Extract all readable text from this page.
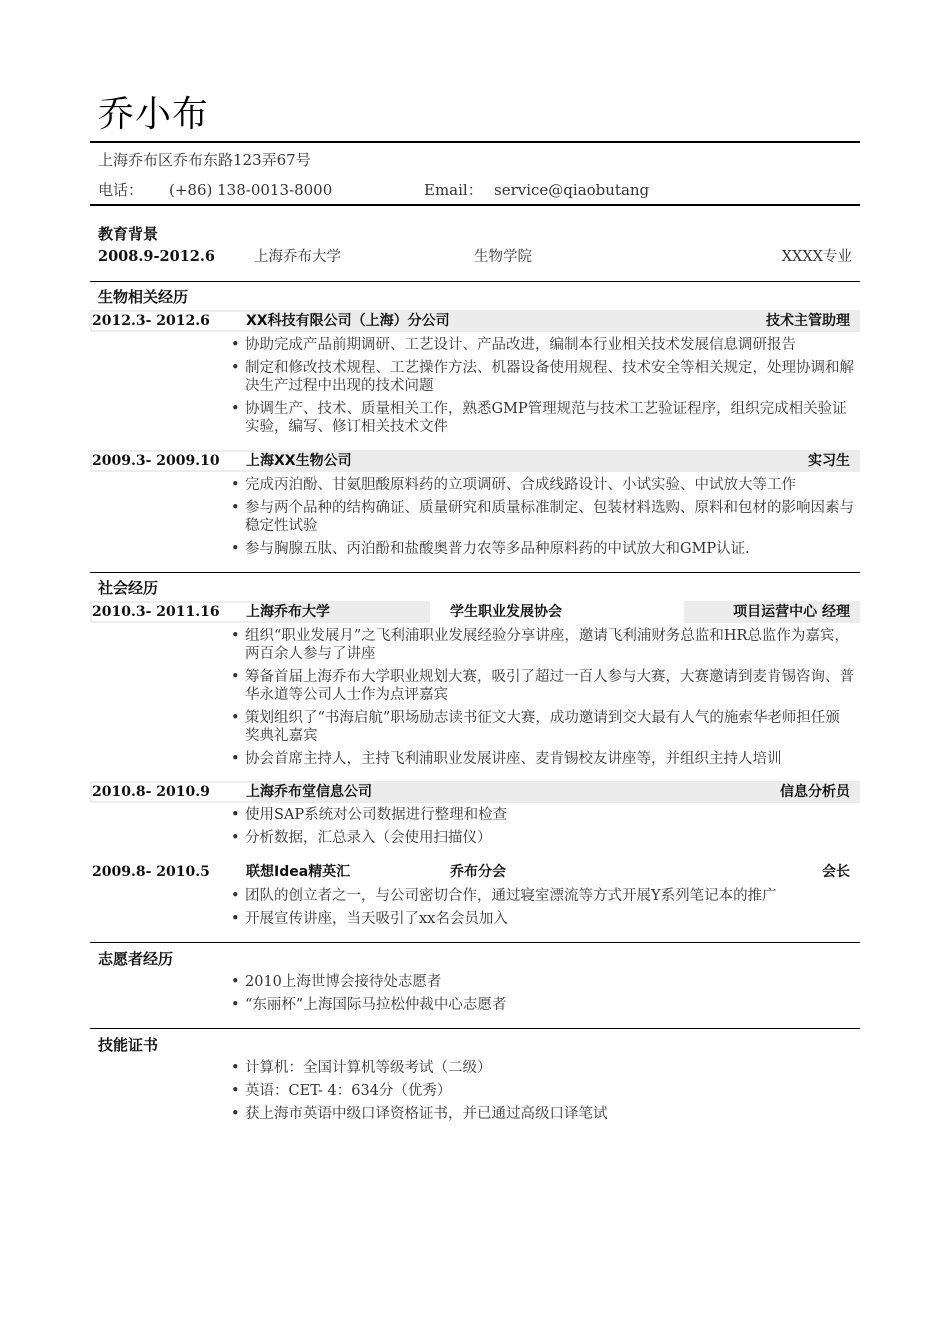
乔小布
上海乔布区乔布东路123弄67号
电话： (+86) 138-0013-8000	Email： service@qiaobutang
教育背景
2008.9-2012.6	上海乔布大学	生物学院	XXXX专业
生物相关经历
2012.3- 2012.6	XX科技有限公司（上海）分公司	技术主管助理
• 协助完成产品前期调研、工艺设计、产品改进，编制本行业相关技术发展信息调研报告
• 制定和修改技术规程、工艺操作方法、机器设备使用规程、技术安全等相关规定，处理协调和解决生产过程中出现的技术问题
• 协调生产、技术、质量相关工作，熟悉GMP管理规范与技术工艺验证程序，组织完成相关验证实验，编写、修订相关技术文件
2009.3- 2009.10	上海XX生物公司	实习生
• 完成丙泊酚、甘氨胆酸原料药的立项调研、合成线路设计、小试实验、中试放大等工作
• 参与两个品种的结构确证、质量研究和质量标准制定、包装材料选购、原料和包材的影响因素与稳定性试验
• 参与胸腺五肽、丙泊酚和盐酸奥普力农等多品种原料药的中试放大和GMP认证.
社会经历
2010.3- 2011.16	上海乔布大学	学生职业发展协会	项目运营中心 经理
• 组织“职业发展月”之飞利浦职业发展经验分享讲座，邀请飞利浦财务总监和HR总监作为嘉宾，两百余人参与了讲座
• 筹备首届上海乔布大学职业规划大赛，吸引了超过一百人参与大赛，大赛邀请到麦肯锡咨询、普华永道等公司人士作为点评嘉宾
• 策划组织了“书海启航”职场励志读书征文大赛，成功邀请到交大最有人气的施索华老师担任颁奖典礼嘉宾
• 协会首席主持人，主持飞利浦职业发展讲座、麦肯锡校友讲座等，并组织主持人培训
2010.8- 2010.9	上海乔布堂信息公司	信息分析员
• 使用SAP系统对公司数据进行整理和检查
• 分析数据，汇总录入（会使用扫描仪）
2009.8- 2010.5	联想Idea精英汇	乔布分会	会长
• 团队的创立者之一，与公司密切合作，通过寝室漂流等方式开展Y系列笔记本的推广
• 开展宣传讲座，当天吸引了xx名会员加入
志愿者经历
• 2010上海世博会接待处志愿者
• “东丽杯”上海国际马拉松仲裁中心志愿者
技能证书
• 计算机：全国计算机等级考试（二级）
• 英语：CET- 4：634分（优秀）
• 获上海市英语中级口译资格证书，并已通过高级口译笔试
